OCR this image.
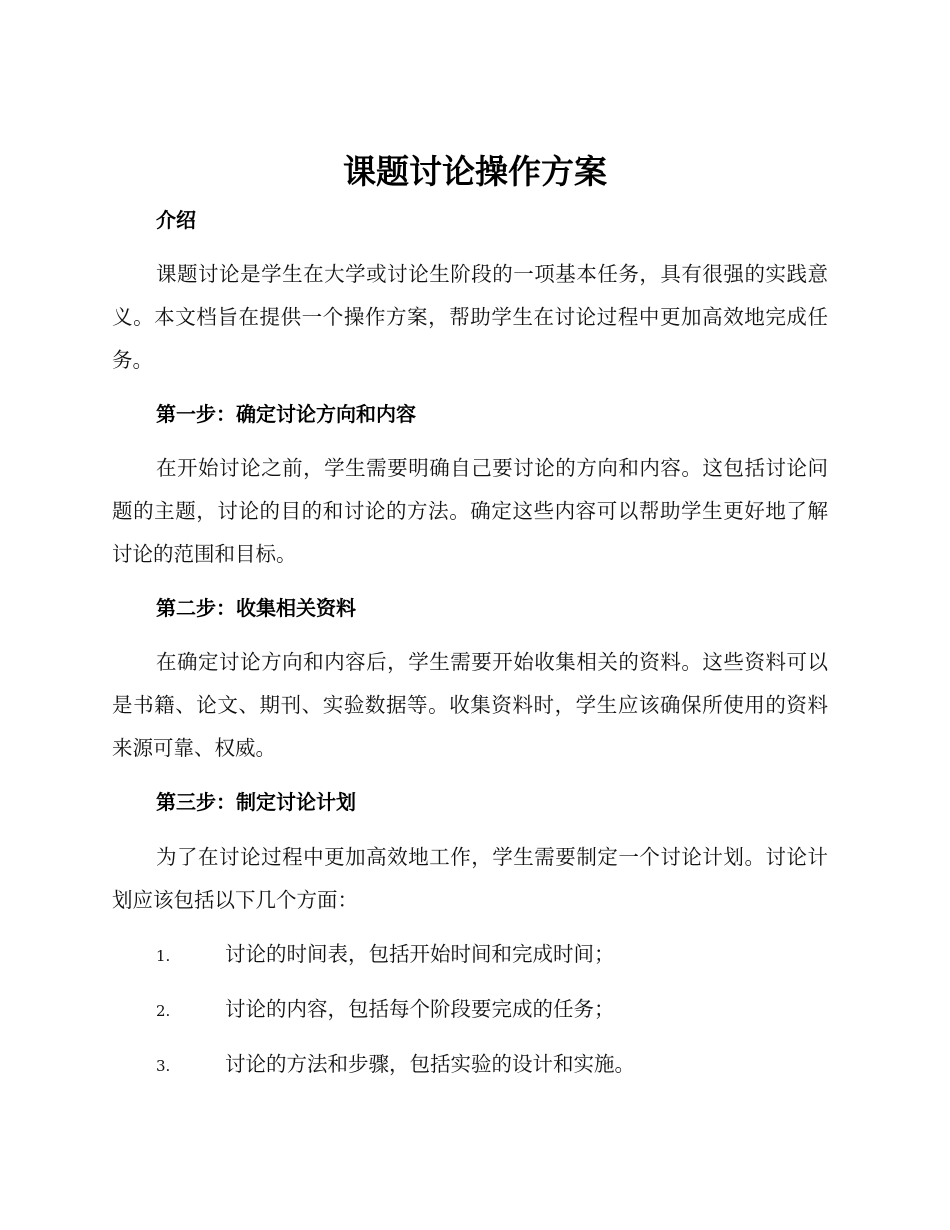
课题讨论操作方案
介绍
课题讨论是学生在大学或讨论生阶段的一项基本任务，具有很强的实践意义。本文档旨在提供一个操作方案，帮助学生在讨论过程中更加高效地完成任务。
第一步：确定讨论方向和内容
在开始讨论之前，学生需要明确自己要讨论的方向和内容。这包括讨论问题的主题，讨论的目的和讨论的方法。确定这些内容可以帮助学生更好地了解讨论的范围和目标。
第二步：收集相关资料
在确定讨论方向和内容后，学生需要开始收集相关的资料。这些资料可以是书籍、论文、期刊、实验数据等。收集资料时，学生应该确保所使用的资料来源可靠、权威。
第三步：制定讨论计划
为了在讨论过程中更加高效地工作，学生需要制定一个讨论计划。讨论计划应该包括以下几个方面：
1.	讨论的时间表，包括开始时间和完成时间；
2.	讨论的内容，包括每个阶段要完成的任务；
3.	讨论的方法和步骤，包括实验的设计和实施。
